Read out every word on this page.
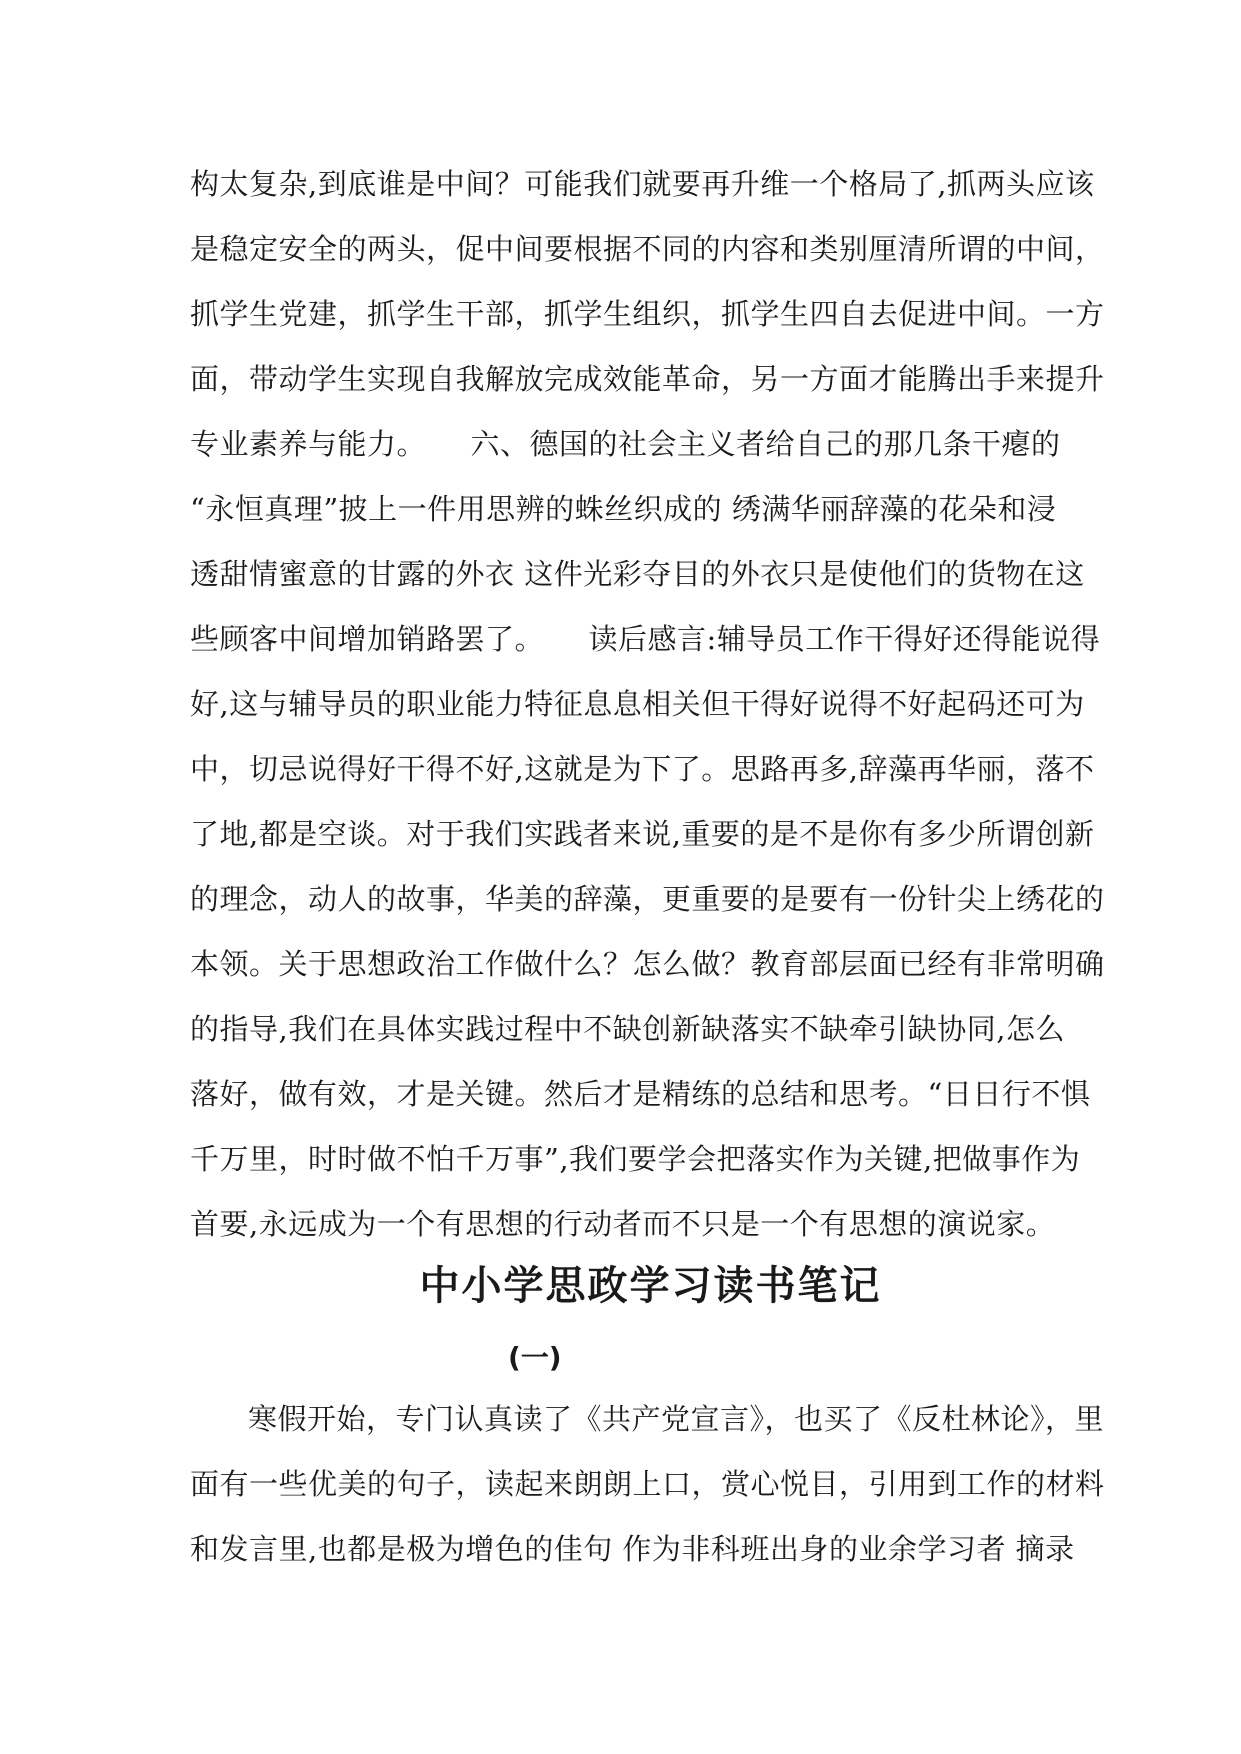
构太复杂,到底谁是中间？可能我们就要再升维一个格局了,抓两头应该
是稳定安全的两头，促中间要根据不同的内容和类别厘清所谓的中间，
抓学生党建，抓学生干部，抓学生组织，抓学生四自去促进中间。一方
面，带动学生实现自我解放完成效能革命，另一方面才能腾出手来提升
专业素养与能力。　　六、德国的社会主义者给自己的那几条干瘪的
“永恒真理”披上一件用思辨的蛛丝织成的 绣满华丽辞藻的花朵和浸
透甜情蜜意的甘露的外衣 这件光彩夺目的外衣只是使他们的货物在这
些顾客中间增加销路罢了。　　读后感言:辅导员工作干得好还得能说得
好,这与辅导员的职业能力特征息息相关但干得好说得不好起码还可为
中，切忌说得好干得不好,这就是为下了。思路再多,辞藻再华丽，落不
了地,都是空谈。对于我们实践者来说,重要的是不是你有多少所谓创新
的理念，动人的故事，华美的辞藻，更重要的是要有一份针尖上绣花的
本领。关于思想政治工作做什么？怎么做？教育部层面已经有非常明确
的指导,我们在具体实践过程中不缺创新缺落实不缺牵引缺协同,怎么
落好，做有效，才是关键。然后才是精练的总结和思考。“日日行不惧
千万里，时时做不怕千万事”,我们要学会把落实作为关键,把做事作为
首要,永远成为一个有思想的行动者而不只是一个有思想的演说家。
中小学思政学习读书笔记
(一)
寒假开始，专门认真读了《共产党宣言》，也买了《反杜林论》，里
面有一些优美的句子，读起来朗朗上口，赏心悦目，引用到工作的材料
和发言里,也都是极为增色的佳句 作为非科班出身的业余学习者 摘录
